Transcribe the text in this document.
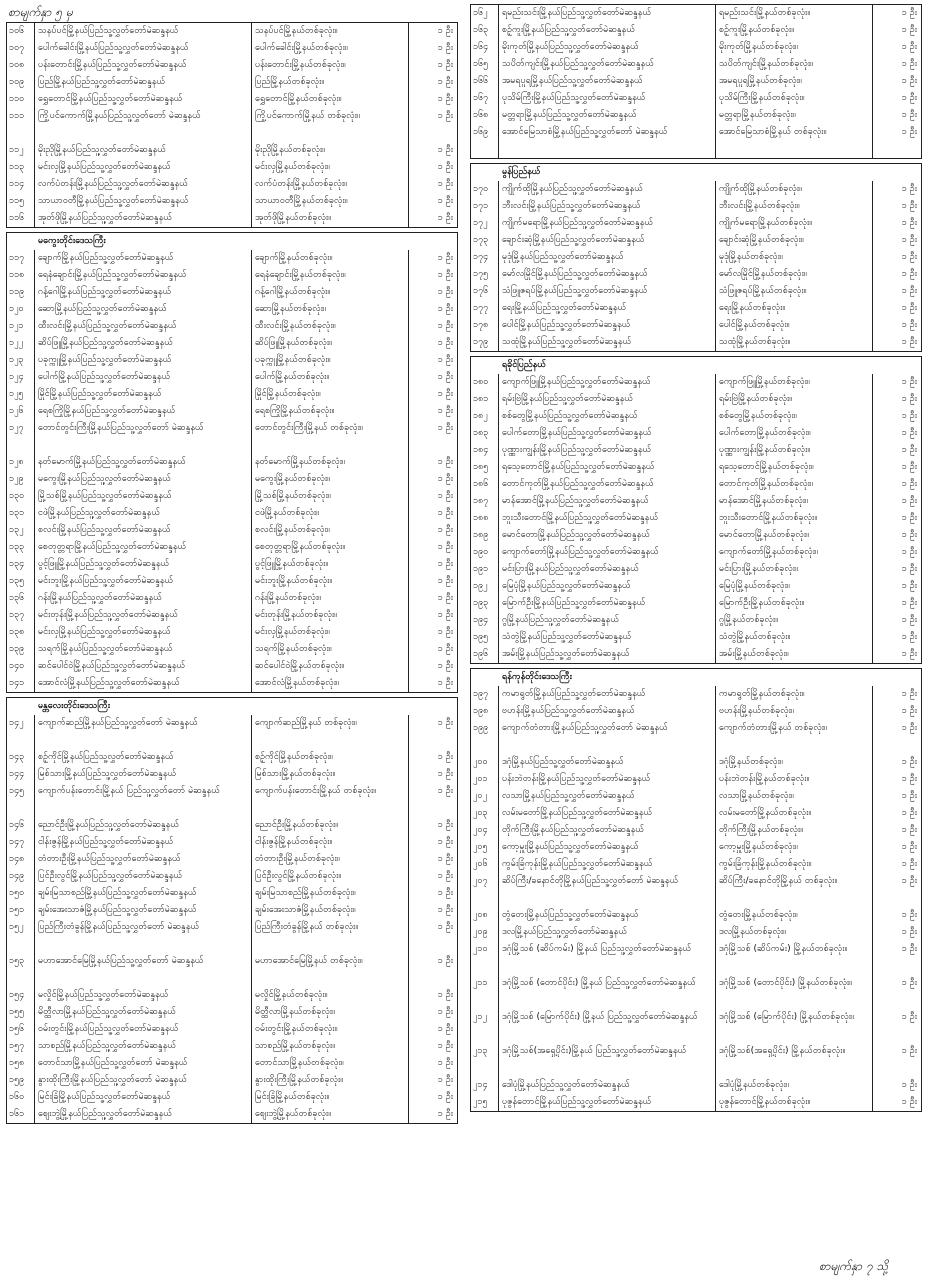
စာမျက်နှာ ၅ မှ
၁၀၆	သနပ်ပင်မြို့နယ်ပြည်သူ့လွှတ်တော်မဲဆန္ဒနယ်	သနပ်ပင်မြို့နယ်တစ်ခုလုံး။	၁ ဦး
၁၀၇	ပေါက်ခေါင်းမြို့နယ်ပြည်သူ့လွှတ်တော်မဲဆန္ဒနယ်	ပေါက်ခေါင်းမြို့နယ်တစ်ခုလုံး။	၁ ဦး
၁၀၈	ပန်းတောင်းမြို့နယ်ပြည်သူ့လွှတ်တော်မဲဆန္ဒနယ်	ပန်းတောင်းမြို့နယ်တစ်ခုလုံး။	၁ ဦး
၁၀၉	ပြည်မြို့နယ်ပြည်သူ့လွှတ်တော်မဲဆန္ဒနယ်	ပြည်မြို့နယ်တစ်ခုလုံး။	၁ ဦး
၁၁၀	ရွှေတောင်မြို့နယ်ပြည်သူ့လွှတ်တော်မဲဆန္ဒနယ်	ရွှေတောင်မြို့နယ်တစ်ခုလုံး။	၁ ဦး
၁၁၁	ကြို့ပင်ကောက်မြို့နယ်ပြည်သူ့လွှတ်တော် မဲဆန္ဒနယ်	ကြို့ပင်ကောက်မြို့နယ် တစ်ခုလုံး။	၁ ဦး
၁၁၂	မိုးညိုမြို့နယ်ပြည်သူ့လွှတ်တော်မဲဆန္ဒနယ်	မိုးညိုမြို့နယ်တစ်ခုလုံး။	၁ ဦး
၁၁၃	မင်းလှမြို့နယ်ပြည်သူ့လွှတ်တော်မဲဆန္ဒနယ်	မင်းလှမြို့နယ်တစ်ခုလုံး။	၁ ဦး
၁၁၄	လက်ပံတန်းမြို့နယ်ပြည်သူ့လွှတ်တော်မဲဆန္ဒနယ်	လက်ပံတန်းမြို့နယ်တစ်ခုလုံး။	၁ ဦး
၁၁၅	သာယာဝတီမြို့နယ်ပြည်သူ့လွှတ်တော်မဲဆန္ဒနယ်	သာယာဝတီမြို့နယ်တစ်ခုလုံး။	၁ ဦး
၁၁၆	အုတ်ဖိုမြို့နယ်ပြည်သူ့လွှတ်တော်မဲဆန္ဒနယ်	အုတ်ဖိုမြို့နယ်တစ်ခုလုံး။	၁ ဦး
မကွေးတိုင်းဒေသကြီး
၁၁၇	ချောက်မြို့နယ်ပြည်သူ့လွှတ်တော်မဲဆန္ဒနယ်	ချောက်မြို့နယ်တစ်ခုလုံး။	၁ ဦး
၁၁၈	ရေနံချောင်းမြို့နယ်ပြည်သူ့လွှတ်တော်မဲဆန္ဒနယ်	ရေနံချောင်းမြို့နယ်တစ်ခုလုံး။	၁ ဦး
၁၁၉	ဂန့်ဂေါမြို့နယ်ပြည်သူ့လွှတ်တော်မဲဆန္ဒနယ်	ဂန့်ဂေါမြို့နယ်တစ်ခုလုံး။	၁ ဦး
၁၂၀	ဆောမြို့နယ်ပြည်သူ့လွှတ်တော်မဲဆန္ဒနယ်	ဆောမြို့နယ်တစ်ခုလုံး။	၁ ဦး
၁၂၁	ထီးလင်းမြို့နယ်ပြည်သူ့လွှတ်တော်မဲဆန္ဒနယ်	ထီးလင်းမြို့နယ်တစ်ခုလုံး။	၁ ဦး
၁၂၂	ဆိပ်ဖြူမြို့နယ်ပြည်သူ့လွှတ်တော်မဲဆန္ဒနယ်	ဆိပ်ဖြူမြို့နယ်တစ်ခုလုံး။	၁ ဦး
၁၂၃	ပခုက္ကူမြို့နယ်ပြည်သူ့လွှတ်တော်မဲဆန္ဒနယ်	ပခုက္ကူမြို့နယ်တစ်ခုလုံး။	၁ ဦး
၁၂၄	ပေါက်မြို့နယ်ပြည်သူ့လွှတ်တော်မဲဆန္ဒနယ်	ပေါက်မြို့နယ်တစ်ခုလုံး။	၁ ဦး
၁၂၅	မြိုင်မြို့နယ်ပြည်သူ့လွှတ်တော်မဲဆန္ဒနယ်	မြိုင်မြို့နယ်တစ်ခုလုံး။	၁ ဦး
၁၂၆	ရေစကြိုမြို့နယ်ပြည်သူ့လွှတ်တော်မဲဆန္ဒနယ်	ရေစကြိုမြို့နယ်တစ်ခုလုံး။	၁ ဦး
၁၂၇	တောင်တွင်းကြီးမြို့နယ်ပြည်သူ့လွှတ်တော် မဲဆန္ဒနယ်	တောင်တွင်းကြီးမြို့နယ် တစ်ခုလုံး။	၁ ဦး
၁၂၈	နတ်မောက်မြို့နယ်ပြည်သူ့လွှတ်တော်မဲဆန္ဒနယ်	နတ်မောက်မြို့နယ်တစ်ခုလုံး။	၁ ဦး
၁၂၉	မကွေးမြို့နယ်ပြည်သူ့လွှတ်တော်မဲဆန္ဒနယ်	မကွေးမြို့နယ်တစ်ခုလုံး။	၁ ဦး
၁၃၀	မြို့သစ်မြို့နယ်ပြည်သူ့လွှတ်တော်မဲဆန္ဒနယ်	မြို့သစ်မြို့နယ်တစ်ခုလုံး။	၁ ဦး
၁၃၁	ငဖဲမြို့နယ်ပြည်သူ့လွှတ်တော်မဲဆန္ဒနယ်	ငဖဲမြို့နယ်တစ်ခုလုံး။	၁ ဦး
၁၃၂	စလင်းမြို့နယ်ပြည်သူ့လွှတ်တော်မဲဆန္ဒနယ်	စလင်းမြို့နယ်တစ်ခုလုံး။	၁ ဦး
၁၃၃	စေတုတ္တရာမြို့နယ်ပြည်သူ့လွှတ်တော်မဲဆန္ဒနယ်	စေတုတ္တရာမြို့နယ်တစ်ခုလုံး။	၁ ဦး
၁၃၄	ပွင့်ဖြူမြို့နယ်ပြည်သူ့လွှတ်တော်မဲဆန္ဒနယ်	ပွင့်ဖြူမြို့နယ်တစ်ခုလုံး။	၁ ဦး
၁၃၅	မင်းဘူးမြို့နယ်ပြည်သူ့လွှတ်တော်မဲဆန္ဒနယ်	မင်းဘူးမြို့နယ်တစ်ခုလုံး။	၁ ဦး
၁၃၆	ဂန်းမြို့နယ်ပြည်သူ့လွှတ်တော်မဲဆန္ဒနယ်	ဂန်းမြို့နယ်တစ်ခုလုံး။	၁ ဦး
၁၃၇	မင်းတုန်းမြို့နယ်ပြည်သူ့လွှတ်တော်မဲဆန္ဒနယ်	မင်းတုန်းမြို့နယ်တစ်ခုလုံး။	၁ ဦး
၁၃၈	မင်းလှမြို့နယ်ပြည်သူ့လွှတ်တော်မဲဆန္ဒနယ်	မင်းလှမြို့နယ်တစ်ခုလုံး။	၁ ဦး
၁၃၉	သရက်မြို့နယ်ပြည်သူ့လွှတ်တော်မဲဆန္ဒနယ်	သရက်မြို့နယ်တစ်ခုလုံး။	၁ ဦး
၁၄၀	ဆင်ပေါင်ဝဲမြို့နယ်ပြည်သူ့လွှတ်တော်မဲဆန္ဒနယ်	ဆင်ပေါင်ဝဲမြို့နယ်တစ်ခုလုံး။	၁ ဦး
၁၄၁	အောင်လံမြို့နယ်ပြည်သူ့လွှတ်တော်မဲဆန္ဒနယ်	အောင်လံမြို့နယ်တစ်ခုလုံး။	၁ ဦး
မန္တလေးတိုင်းဒေသကြီး
၁၄၂	ကျောက်ဆည်မြို့နယ်ပြည်သူ့လွှတ်တော် မဲဆန္ဒနယ်	ကျောက်ဆည်မြို့နယ် တစ်ခုလုံး။	၁ ဦး
၁၄၃	စဉ့်ကိုင်မြို့နယ်ပြည်သူ့လွှတ်တော်မဲဆန္ဒနယ်	စဉ့်ကိုင်မြို့နယ်တစ်ခုလုံး။	၁ ဦး
၁၄၄	မြစ်သားမြို့နယ်ပြည်သူ့လွှတ်တော်မဲဆန္ဒနယ်	မြစ်သားမြို့နယ်တစ်ခုလုံး။	၁ ဦး
၁၄၅	ကျောက်ပန်းတောင်းမြို့နယ် ပြည်သူ့လွှတ်တော် မဲဆန္ဒနယ်	ကျောက်ပန်းတောင်းမြို့နယ် တစ်ခုလုံး။	၁ ဦး
၁၄၆	ညောင်ဦးမြို့နယ်ပြည်သူ့လွှတ်တော်မဲဆန္ဒနယ်	ညောင်ဦးမြို့နယ်တစ်ခုလုံး။	၁ ဦး
၁၄၇	ငါန်းဇွန်မြို့နယ်ပြည်သူ့လွှတ်တော်မဲဆန္ဒနယ်	ငါန်းဇွန်မြို့နယ်တစ်ခုလုံး။	၁ ဦး
၁၄၈	တံတားဦးမြို့နယ်ပြည်သူ့လွှတ်တော်မဲဆန္ဒနယ်	တံတားဦးမြို့နယ်တစ်ခုလုံး။	၁ ဦး
၁၄၉	ပြင်ဦးလွင်မြို့နယ်ပြည်သူ့လွှတ်တော်မဲဆန္ဒနယ်	ပြင်ဦးလွင်မြို့နယ်တစ်ခုလုံး။	၁ ဦး
၁၅၀	ချမ်းမြသာစည်မြို့နယ်ပြည်သူ့လွှတ်တော်မဲဆန္ဒနယ်	ချမ်းမြသာစည်မြို့နယ်တစ်ခုလုံး။	၁ ဦး
၁၅၁	ချမ်းအေးသာဇံမြို့နယ်ပြည်သူ့လွှတ်တော်မဲဆန္ဒနယ်	ချမ်းအေးသာဇံမြို့နယ်တစ်ခုလုံး။	၁ ဦး
၁၅၂	ပြည်ကြီးတံခွန်မြို့နယ်ပြည်သူ့လွှတ်တော် မဲဆန္ဒနယ်	ပြည်ကြီးတံခွန်မြို့နယ် တစ်ခုလုံး။	၁ ဦး
၁၅၃	မဟာအောင်မြေမြို့နယ်ပြည်သူ့လွှတ်တော် မဲဆန္ဒနယ်	မဟာအောင်မြေမြို့နယ် တစ်ခုလုံး။	၁ ဦး
၁၅၄	မလှိုင်မြို့နယ်ပြည်သူ့လွှတ်တော်မဲဆန္ဒနယ်	မလှိုင်မြို့နယ်တစ်ခုလုံး။	၁ ဦး
၁၅၅	မိတ္ထီလာမြို့နယ်ပြည်သူ့လွှတ်တော်မဲဆန္ဒနယ်	မိတ္ထီလာမြို့နယ်တစ်ခုလုံး။	၁ ဦး
၁၅၆	ဝမ်းတွင်းမြို့နယ်ပြည်သူ့လွှတ်တော်မဲဆန္ဒနယ်	ဝမ်းတွင်းမြို့နယ်တစ်ခုလုံး။	၁ ဦး
၁၅၇	သာစည်မြို့နယ်ပြည်သူ့လွှတ်တော်မဲဆန္ဒနယ်	သာစည်မြို့နယ်တစ်ခုလုံး။	၁ ဦး
၁၅၈	တောင်သာမြို့နယ်ပြည်သူ့လွှတ်တော် မဲဆန္ဒနယ်	တောင်သာမြို့နယ်တစ်ခုလုံး။	၁ ဦး
၁၅၉	နွားထိုးကြီးမြို့နယ်ပြည်သူ့လွှတ်တော် မဲဆန္ဒနယ်	နွားထိုးကြီးမြို့နယ်တစ်ခုလုံး။	၁ ဦး
၁၆၀	မြင်းခြံမြို့နယ်ပြည်သူ့လွှတ်တော်မဲဆန္ဒနယ်	မြင်းခြံမြို့နယ်တစ်ခုလုံး။	၁ ဦး
၁၆၁	ဈေးဘွဲ့မြို့နယ်ပြည်သူ့လွှတ်တော်မဲဆန္ဒနယ်	ဈေးဘွဲ့မြို့နယ်တစ်ခုလုံး။	၁ ဦး
၁၆၂	ရမည်းသင်းမြို့နယ်ပြည်သူ့လွှတ်တော်မဲဆန္ဒနယ်	ရမည်းသင်းမြို့နယ်တစ်ခုလုံး။	၁ ဦး
၁၆၃	စဉ့်ကူးမြို့နယ်ပြည်သူ့လွှတ်တော်မဲဆန္ဒနယ်	စဉ့်ကူးမြို့နယ်တစ်ခုလုံး။	၁ ဦး
၁၆၄	မိုးကုတ်မြို့နယ်ပြည်သူ့လွှတ်တော်မဲဆန္ဒနယ်	မိုးကုတ်မြို့နယ်တစ်ခုလုံး။	၁ ဦး
၁၆၅	သပိတ်ကျင်းမြို့နယ်ပြည်သူ့လွှတ်တော်မဲဆန္ဒနယ်	သပိတ်ကျင်းမြို့နယ်တစ်ခုလုံး။	၁ ဦး
၁၆၆	အမရပူရမြို့နယ်ပြည်သူ့လွှတ်တော်မဲဆန္ဒနယ်	အမရပူရမြို့နယ်တစ်ခုလုံး။	၁ ဦး
၁၆၇	ပုသိမ်ကြီးမြို့နယ်ပြည်သူ့လွှတ်တော်မဲဆန္ဒနယ်	ပုသိမ်ကြီးမြို့နယ်တစ်ခုလုံး။	၁ ဦး
၁၆၈	မတ္တရာမြို့နယ်ပြည်သူ့လွှတ်တော်မဲဆန္ဒနယ်	မတ္တရာမြို့နယ်တစ်ခုလုံး။	၁ ဦး
၁၆၉	အောင်မြေသာစံမြို့နယ်ပြည်သူ့လွှတ်တော် မဲဆန္ဒနယ်	အောင်မြေသာစံမြို့နယ် တစ်ခုလုံး။	၁ ဦး
မွန်ပြည်နယ်
၁၇၀	ကျိုက်ထိုမြို့နယ်ပြည်သူ့လွှတ်တော်မဲဆန္ဒနယ်	ကျိုက်ထိုမြို့နယ်တစ်ခုလုံး။	၁ ဦး
၁၇၁	ဘီးလင်းမြို့နယ်ပြည်သူ့လွှတ်တော်မဲဆန္ဒနယ်	ဘီးလင်းမြို့နယ်တစ်ခုလုံး။	၁ ဦး
၁၇၂	ကျိုက်မရောမြို့နယ်ပြည်သူ့လွှတ်တော်မဲဆန္ဒနယ်	ကျိုက်မရောမြို့နယ်တစ်ခုလုံး။	၁ ဦး
၁၇၃	ချောင်းဆုံမြို့နယ်ပြည်သူ့လွှတ်တော်မဲဆန္ဒနယ်	ချောင်းဆုံမြို့နယ်တစ်ခုလုံး။	၁ ဦး
၁၇၄	မုဒုံမြို့နယ်ပြည်သူ့လွှတ်တော်မဲဆန္ဒနယ်	မုဒုံမြို့နယ်တစ်ခုလုံး။	၁ ဦး
၁၇၅	မော်လမြိုင်မြို့နယ်ပြည်သူ့လွှတ်တော်မဲဆန္ဒနယ်	မော်လမြိုင်မြို့နယ်တစ်ခုလုံး။	၁ ဦး
၁၇၆	သံဖြူဇရပ်မြို့နယ်ပြည်သူ့လွှတ်တော်မဲဆန္ဒနယ်	သံဖြူဇရပ်မြို့နယ်တစ်ခုလုံး။	၁ ဦး
၁၇၇	ရေးမြို့နယ်ပြည်သူ့လွှတ်တော်မဲဆန္ဒနယ်	ရေးမြို့နယ်တစ်ခုလုံး။	၁ ဦး
၁၇၈	ပေါင်မြို့နယ်ပြည်သူ့လွှတ်တော်မဲဆန္ဒနယ်	ပေါင်မြို့နယ်တစ်ခုလုံး။	၁ ဦး
၁၇၉	သထုံမြို့နယ်ပြည်သူ့လွှတ်တော်မဲဆန္ဒနယ်	သထုံမြို့နယ်တစ်ခုလုံး။	၁ ဦး
ရခိုင်ပြည်နယ်
၁၈၀	ကျောက်ဖြူမြို့နယ်ပြည်သူ့လွှတ်တော်မဲဆန္ဒနယ်	ကျောက်ဖြူမြို့နယ်တစ်ခုလုံး။	၁ ဦး
၁၈၁	ရမ်းဗြဲမြို့နယ်ပြည်သူ့လွှတ်တော်မဲဆန္ဒနယ်	ရမ်းဗြဲမြို့နယ်တစ်ခုလုံး။	၁ ဦး
၁၈၂	စစ်တွေမြို့နယ်ပြည်သူ့လွှတ်တော်မဲဆန္ဒနယ်	စစ်တွေမြို့နယ်တစ်ခုလုံး။	၁ ဦး
၁၈၃	ပေါက်တောမြို့နယ်ပြည်သူ့လွှတ်တော်မဲဆန္ဒနယ်	ပေါက်တောမြို့နယ်တစ်ခုလုံး။	၁ ဦး
၁၈၄	ပုဏ္ဏားကျွန်းမြို့နယ်ပြည်သူ့လွှတ်တော်မဲဆန္ဒနယ်	ပုဏ္ဏားကျွန်းမြို့နယ်တစ်ခုလုံး။	၁ ဦး
၁၈၅	ရသေ့တောင်မြို့နယ်ပြည်သူ့လွှတ်တော်မဲဆန္ဒနယ်	ရသေ့တောင်မြို့နယ်တစ်ခုလုံး။	၁ ဦး
၁၈၆	တောင်ကုတ်မြို့နယ်ပြည်သူ့လွှတ်တော်မဲဆန္ဒနယ်	တောင်ကုတ်မြို့နယ်တစ်ခုလုံး။	၁ ဦး
၁၈၇	မာန်အောင်မြို့နယ်ပြည်သူ့လွှတ်တော်မဲဆန္ဒနယ်	မာန်အောင်မြို့နယ်တစ်ခုလုံး။	၁ ဦး
၁၈၈	ဘူးသီးတောင်မြို့နယ်ပြည်သူ့လွှတ်တော်မဲဆန္ဒနယ်	ဘူးသီးတောင်မြို့နယ်တစ်ခုလုံး။	၁ ဦး
၁၈၉	မောင်တောမြို့နယ်ပြည်သူ့လွှတ်တော်မဲဆန္ဒနယ်	မောင်တောမြို့နယ်တစ်ခုလုံး။	၁ ဦး
၁၉၀	ကျောက်တော်မြို့နယ်ပြည်သူ့လွှတ်တော်မဲဆန္ဒနယ်	ကျောက်တော်မြို့နယ်တစ်ခုလုံး။	၁ ဦး
၁၉၁	မင်းပြားမြို့နယ်ပြည်သူ့လွှတ်တော်မဲဆန္ဒနယ်	မင်းပြားမြို့နယ်တစ်ခုလုံး။	၁ ဦး
၁၉၂	မြေပုံမြို့နယ်ပြည်သူ့လွှတ်တော်မဲဆန္ဒနယ်	မြေပုံမြို့နယ်တစ်ခုလုံး။	၁ ဦး
၁၉၃	မြောက်ဦးမြို့နယ်ပြည်သူ့လွှတ်တော်မဲဆန္ဒနယ်	မြောက်ဦးမြို့နယ်တစ်ခုလုံး။	၁ ဦး
၁၉၄	ဂွမြို့နယ်ပြည်သူ့လွှတ်တော်မဲဆန္ဒနယ်	ဂွမြို့နယ်တစ်ခုလုံး။	၁ ဦး
၁၉၅	သံတွဲမြို့နယ်ပြည်သူ့လွှတ်တော်မဲဆန္ဒနယ်	သံတွဲမြို့နယ်တစ်ခုလုံး။	၁ ဦး
၁၉၆	အမ်းမြို့နယ်ပြည်သူ့လွှတ်တော်မဲဆန္ဒနယ်	အမ်းမြို့နယ်တစ်ခုလုံး။	၁ ဦး
ရန်ကုန်တိုင်းဒေသကြီး
၁၉၇	ကမာရွတ်မြို့နယ်ပြည်သူ့လွှတ်တော်မဲဆန္ဒနယ်	ကမာရွတ်မြို့နယ်တစ်ခုလုံး။	၁ ဦး
၁၉၈	ဗဟန်းမြို့နယ်ပြည်သူ့လွှတ်တော်မဲဆန္ဒနယ်	ဗဟန်းမြို့နယ်တစ်ခုလုံး။	၁ ဦး
၁၉၉	ကျောက်တံတားမြို့နယ်ပြည်သူ့လွှတ်တော် မဲဆန္ဒနယ်	ကျောက်တံတားမြို့နယ် တစ်ခုလုံး။	၁ ဦး
၂၀၀	ဒဂုံမြို့နယ်ပြည်သူ့လွှတ်တော်မဲဆန္ဒနယ်	ဒဂုံမြို့နယ်တစ်ခုလုံး။	၁ ဦး
၂၀၁	ပန်းဘဲတန်းမြို့နယ်ပြည်သူ့လွှတ်တော်မဲဆန္ဒနယ်	ပန်းဘဲတန်းမြို့နယ်တစ်ခုလုံး။	၁ ဦး
၂၀၂	လသာမြို့နယ်ပြည်သူ့လွှတ်တော်မဲဆန္ဒနယ်	လသာမြို့နယ်တစ်ခုလုံး။	၁ ဦး
၂၀၃	လမ်းမတော်မြို့နယ်ပြည်သူ့လွှတ်တော်မဲဆန္ဒနယ်	လမ်းမတော်မြို့နယ်တစ်ခုလုံး။	၁ ဦး
၂၀၄	တိုက်ကြီးမြို့နယ်ပြည်သူ့လွှတ်တော်မဲဆန္ဒနယ်	တိုက်ကြီးမြို့နယ်တစ်ခုလုံး။	၁ ဦး
၂၀၅	ကော့မှူးမြို့နယ်ပြည်သူ့လွှတ်တော်မဲဆန္ဒနယ်	ကော့မှူးမြို့နယ်တစ်ခုလုံး။	၁ ဦး
၂၀၆	ကွမ်းခြံကုန်းမြို့နယ်ပြည်သူ့လွှတ်တော်မဲဆန္ဒနယ်	ကွမ်းခြံကုန်းမြို့နယ်တစ်ခုလုံး။	၁ ဦး
၂၀၇	ဆိပ်ကြီး/ခနောင်တိုမြို့နယ်ပြည်သူ့လွှတ်တော် မဲဆန္ဒနယ်	ဆိပ်ကြီး/ခနောင်တိုမြို့နယ် တစ်ခုလုံး။	၁ ဦး
၂၀၈	တွံတေးမြို့နယ်ပြည်သူ့လွှတ်တော်မဲဆန္ဒနယ်	တွံတေးမြို့နယ်တစ်ခုလုံး။	၁ ဦး
၂၀၉	ဒလမြို့နယ်ပြည်သူ့လွှတ်တော်မဲဆန္ဒနယ်	ဒလမြို့နယ်တစ်ခုလုံး။	၁ ဦး
၂၁၀	ဒဂုံမြို့သစ် (ဆိပ်ကမ်း) မြို့နယ် ပြည်သူ့လွှတ်တော်မဲဆန္ဒနယ်	ဒဂုံမြို့သစ် (ဆိပ်ကမ်း) မြို့နယ်တစ်ခုလုံး။	၁ ဦး
၂၁၁	ဒဂုံမြို့သစ် (တောင်ပိုင်း) မြို့နယ် ပြည်သူ့လွှတ်တော်မဲဆန္ဒနယ်	ဒဂုံမြို့သစ် (တောင်ပိုင်း) မြို့နယ်တစ်ခုလုံး။	၁ ဦး
၂၁၂	ဒဂုံမြို့သစ် (မြောက်ပိုင်း) မြို့နယ် ပြည်သူ့လွှတ်တော်မဲဆန္ဒနယ်	ဒဂုံမြို့သစ် (မြောက်ပိုင်း) မြို့နယ်တစ်ခုလုံး။	၁ ဦး
၂၁၃	ဒဂုံမြို့သစ်(အရှေ့ပိုင်း)မြို့နယ် ပြည်သူ့လွှတ်တော်မဲဆန္ဒနယ်	ဒဂုံမြို့သစ်(အရှေ့ပိုင်း) မြို့နယ်တစ်ခုလုံး။	၁ ဦး
၂၁၄	ဒေါပုံမြို့နယ်ပြည်သူ့လွှတ်တော်မဲဆန္ဒနယ်	ဒေါပုံမြို့နယ်တစ်ခုလုံး။	၁ ဦး
၂၁၅	ပုဇွန်တောင်မြို့နယ်ပြည်သူ့လွှတ်တော်မဲဆန္ဒနယ်	ပုဇွန်တောင်မြို့နယ်တစ်ခုလုံး။	၁ ဦး
စာမျက်နှာ ၇ သို့
